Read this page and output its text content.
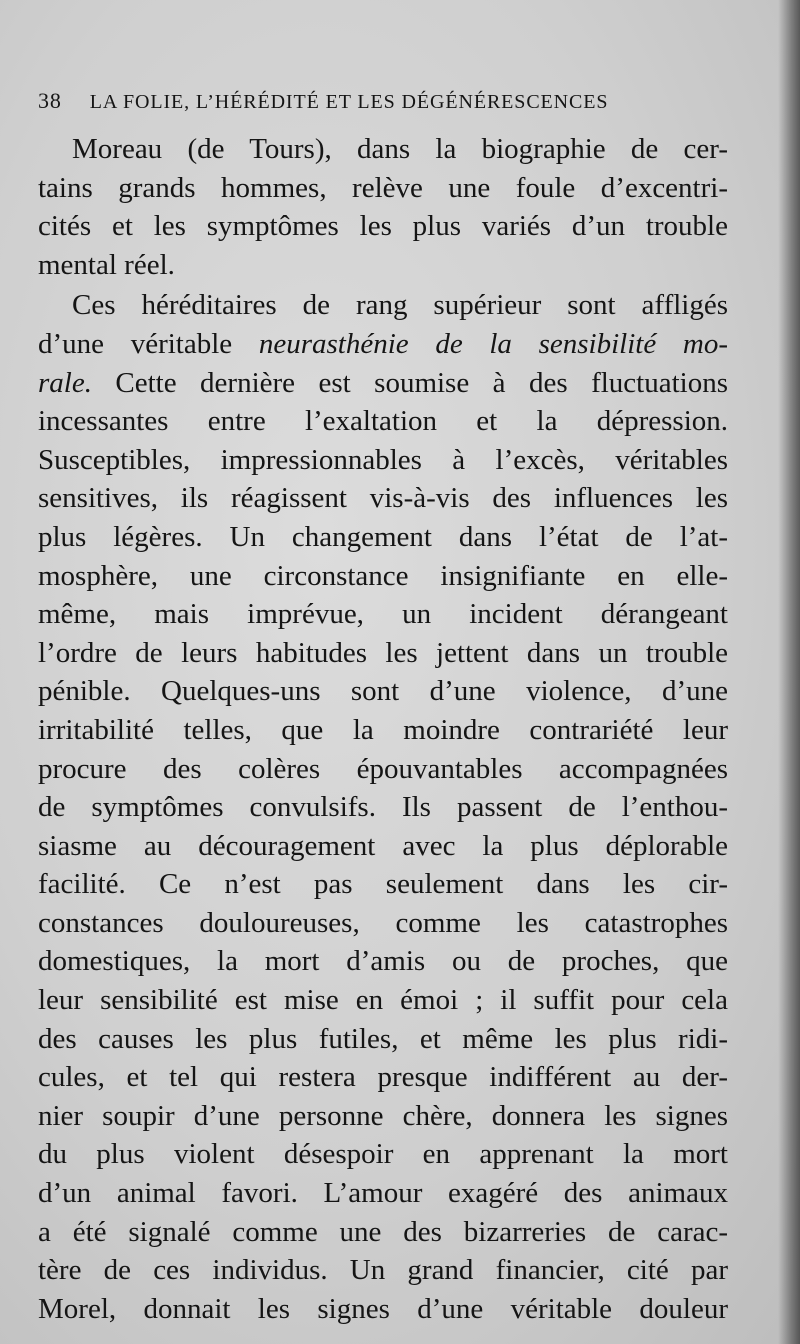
38 LA FOLIE, L’HÉRÉDITÉ ET LES DÉGÉNÉRESCENCES
Moreau (de Tours), dans la biographie de cer-
tains grands hommes, relève une foule d’excentri-
cités et les symptômes les plus variés d’un trouble
mental réel.
Ces héréditaires de rang supérieur sont affligés
d’une véritable neurasthénie de la sensibilité mo-
rale. Cette dernière est soumise à des fluctuations
incessantes entre l’exaltation et la dépression.
Susceptibles, impressionnables à l’excès, véritables
sensitives, ils réagissent vis-à-vis des influences les
plus légères. Un changement dans l’état de l’at-
mosphère, une circonstance insignifiante en elle-
même, mais imprévue, un incident dérangeant
l’ordre de leurs habitudes les jettent dans un trouble
pénible. Quelques-uns sont d’une violence, d’une
irritabilité telles, que la moindre contrariété leur
procure des colères épouvantables accompagnées
de symptômes convulsifs. Ils passent de l’enthou-
siasme au découragement avec la plus déplorable
facilité. Ce n’est pas seulement dans les cir-
constances douloureuses, comme les catastrophes
domestiques, la mort d’amis ou de proches, que
leur sensibilité est mise en émoi ; il suffit pour cela
des causes les plus futiles, et même les plus ridi-
cules, et tel qui restera presque indifférent au der-
nier soupir d’une personne chère, donnera les signes
du plus violent désespoir en apprenant la mort
d’un animal favori. L’amour exagéré des animaux
a été signalé comme une des bizarreries de carac-
tère de ces individus. Un grand financier, cité par
Morel, donnait les signes d’une véritable douleur
